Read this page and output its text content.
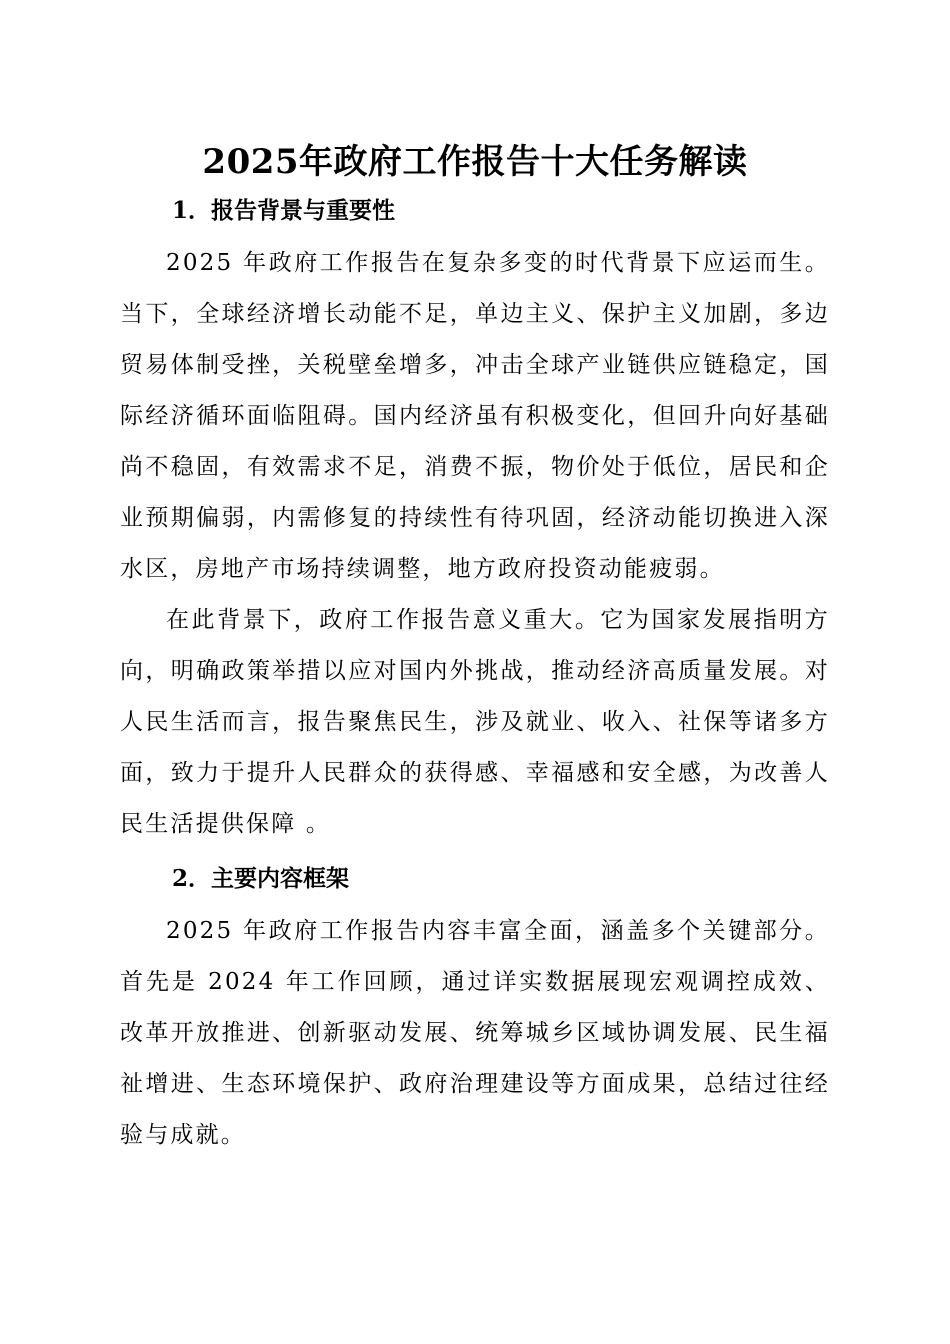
2025年政府工作报告十大任务解读
1．报告背景与重要性

2025 年政府工作报告在复杂多变的时代背景下应运而生。当下，全球经济增长动能不足，单边主义、保护主义加剧，多边贸易体制受挫，关税壁垒增多，冲击全球产业链供应链稳定，国际经济循环面临阻碍。国内经济虽有积极变化，但回升向好基础尚不稳固，有效需求不足，消费不振，物价处于低位，居民和企业预期偏弱，内需修复的持续性有待巩固，经济动能切换进入深水区，房地产市场持续调整，地方政府投资动能疲弱。

在此背景下，政府工作报告意义重大。它为国家发展指明方向，明确政策举措以应对国内外挑战，推动经济高质量发展。对人民生活而言，报告聚焦民生，涉及就业、收入、社保等诸多方面，致力于提升人民群众的获得感、幸福感和安全感，为改善人民生活提供保障 。

2．主要内容框架

2025 年政府工作报告内容丰富全面，涵盖多个关键部分。首先是 2024 年工作回顾，通过详实数据展现宏观调控成效、改革开放推进、创新驱动发展、统筹城乡区域协调发展、民生福祉增进、生态环境保护、政府治理建设等方面成果，总结过往经验与成就。
